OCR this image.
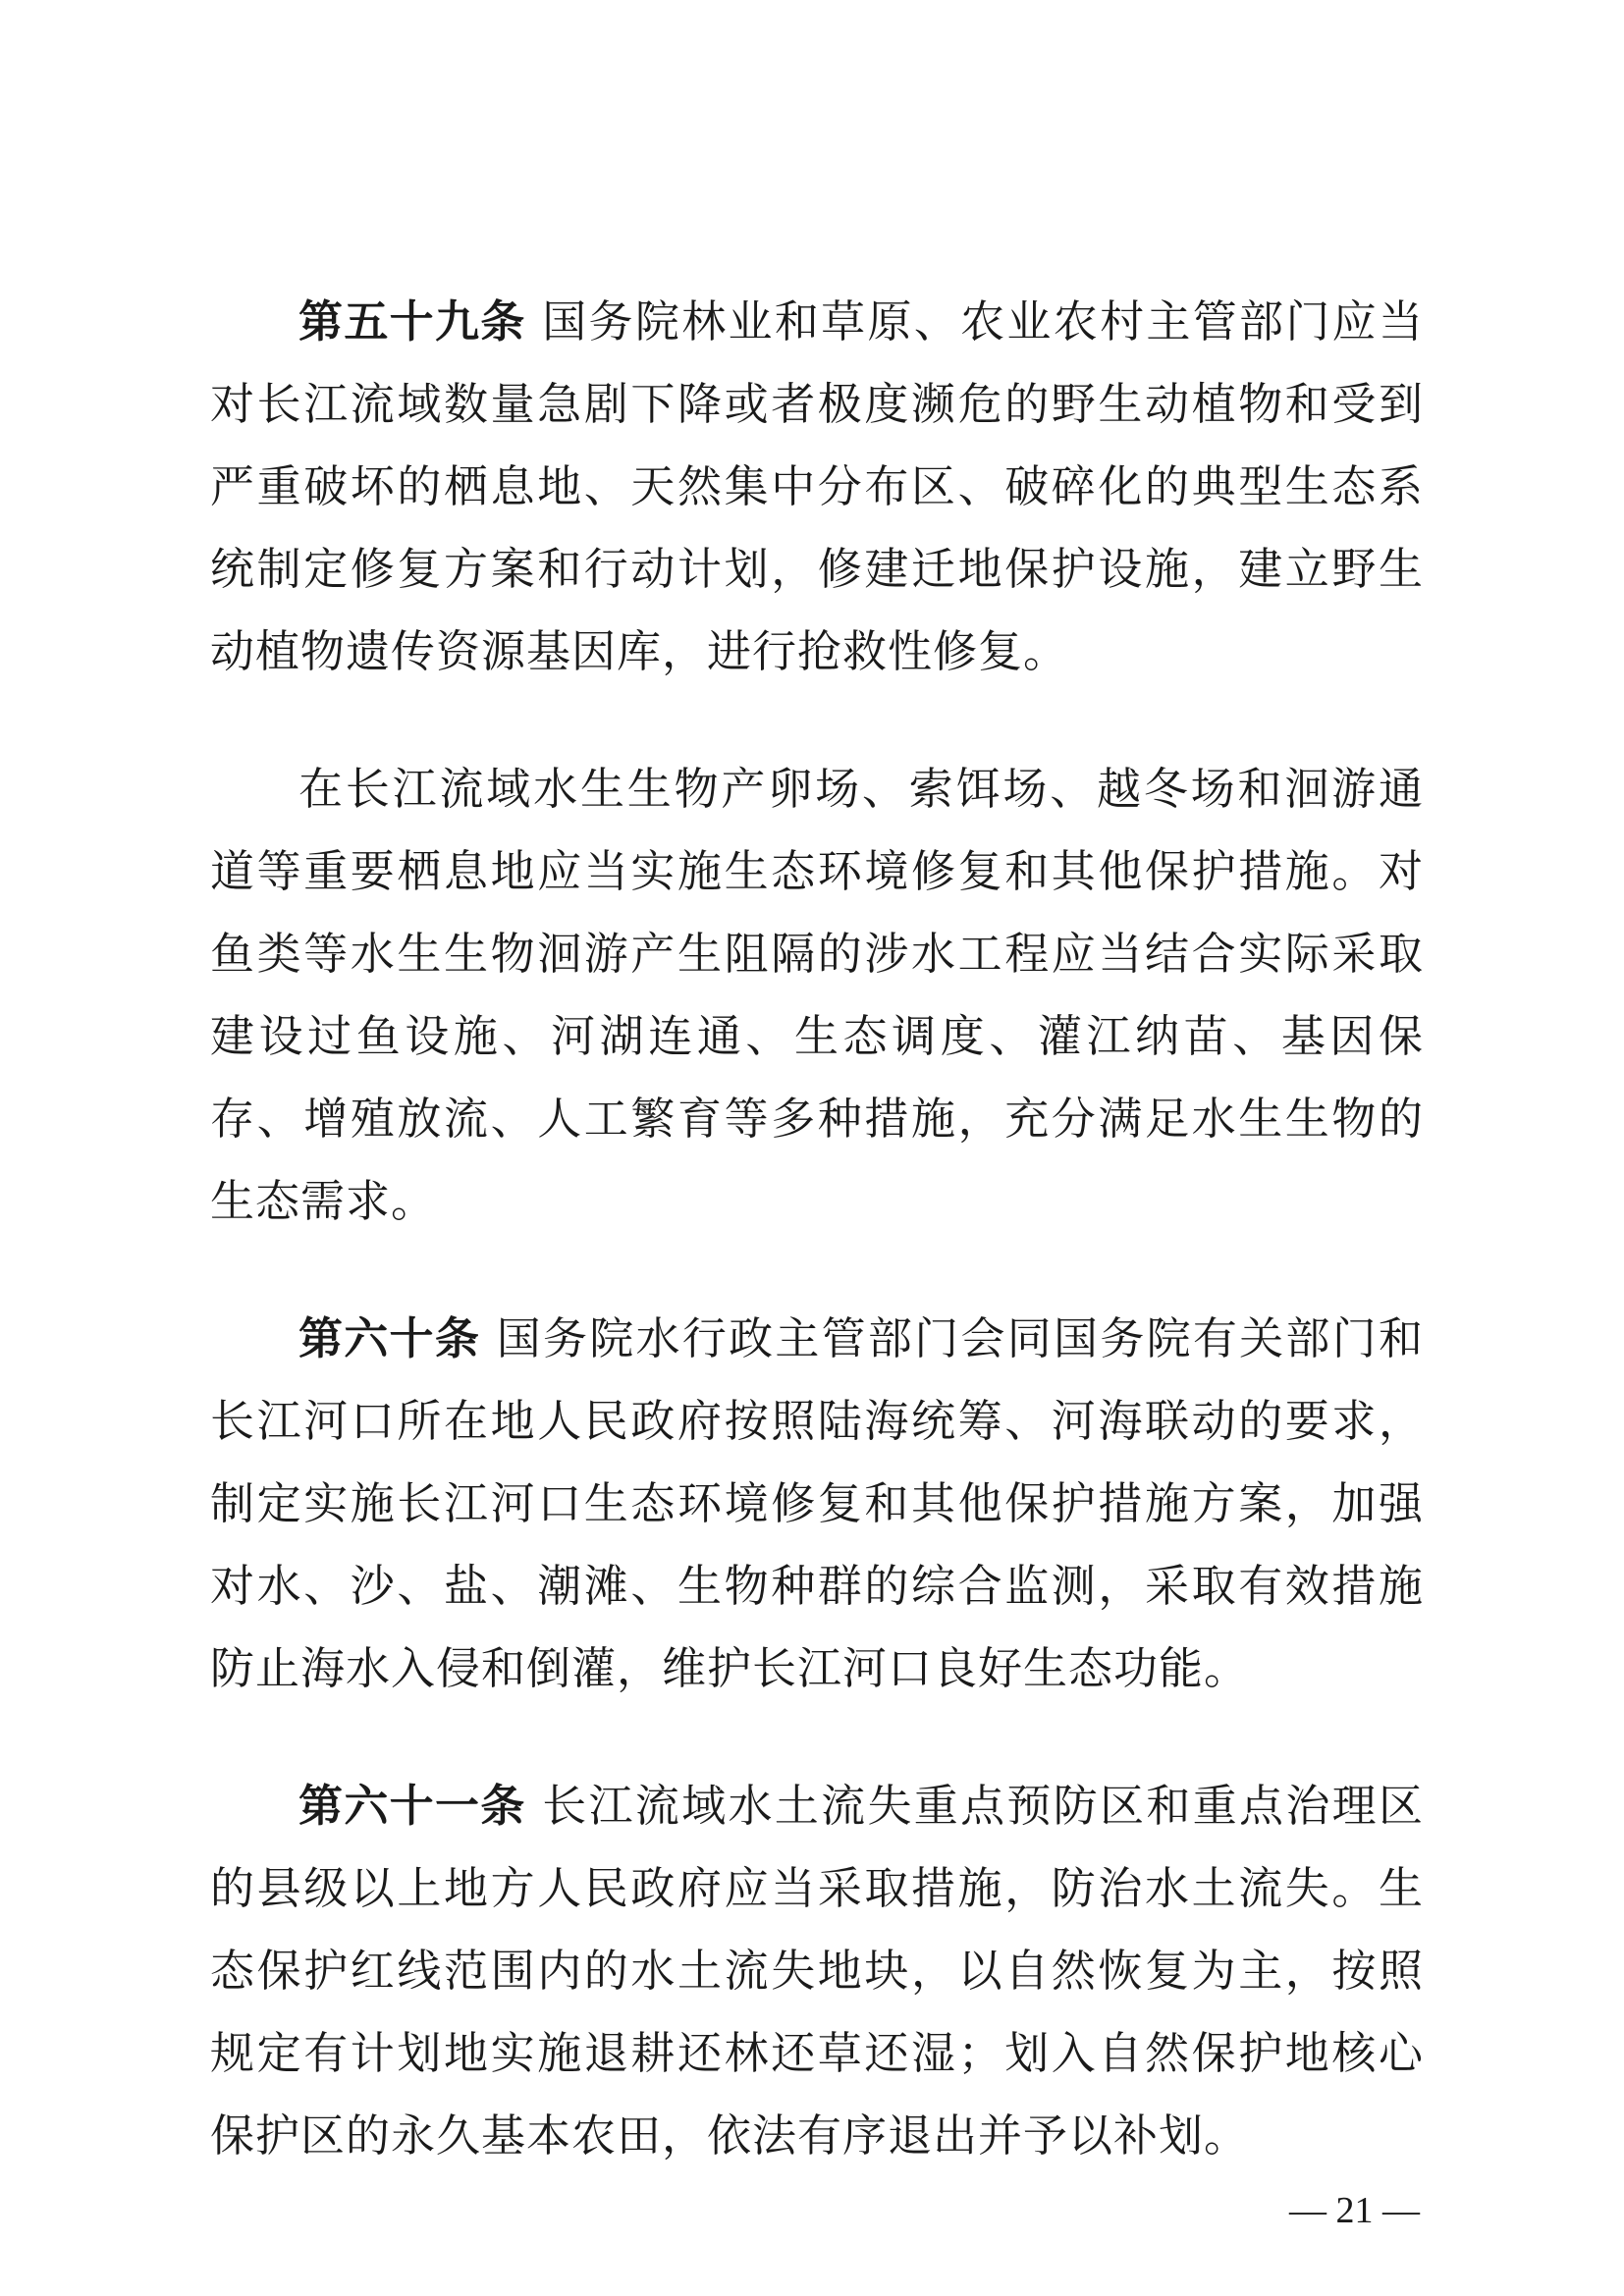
第五十九条 国务院林业和草原、农业农村主管部门应当对长江流域数量急剧下降或者极度濒危的野生动植物和受到严重破坏的栖息地、天然集中分布区、破碎化的典型生态系统制定修复方案和行动计划，修建迁地保护设施，建立野生动植物遗传资源基因库，进行抢救性修复。

在长江流域水生生物产卵场、索饵场、越冬场和洄游通道等重要栖息地应当实施生态环境修复和其他保护措施。对鱼类等水生生物洄游产生阻隔的涉水工程应当结合实际采取建设过鱼设施、河湖连通、生态调度、灌江纳苗、基因保存、增殖放流、人工繁育等多种措施，充分满足水生生物的生态需求。

第六十条 国务院水行政主管部门会同国务院有关部门和长江河口所在地人民政府按照陆海统筹、河海联动的要求，制定实施长江河口生态环境修复和其他保护措施方案，加强对水、沙、盐、潮滩、生物种群的综合监测，采取有效措施防止海水入侵和倒灌，维护长江河口良好生态功能。

第六十一条 长江流域水土流失重点预防区和重点治理区的县级以上地方人民政府应当采取措施，防治水土流失。生态保护红线范围内的水土流失地块，以自然恢复为主，按照规定有计划地实施退耕还林还草还湿；划入自然保护地核心保护区的永久基本农田，依法有序退出并予以补划。

— 21 —
